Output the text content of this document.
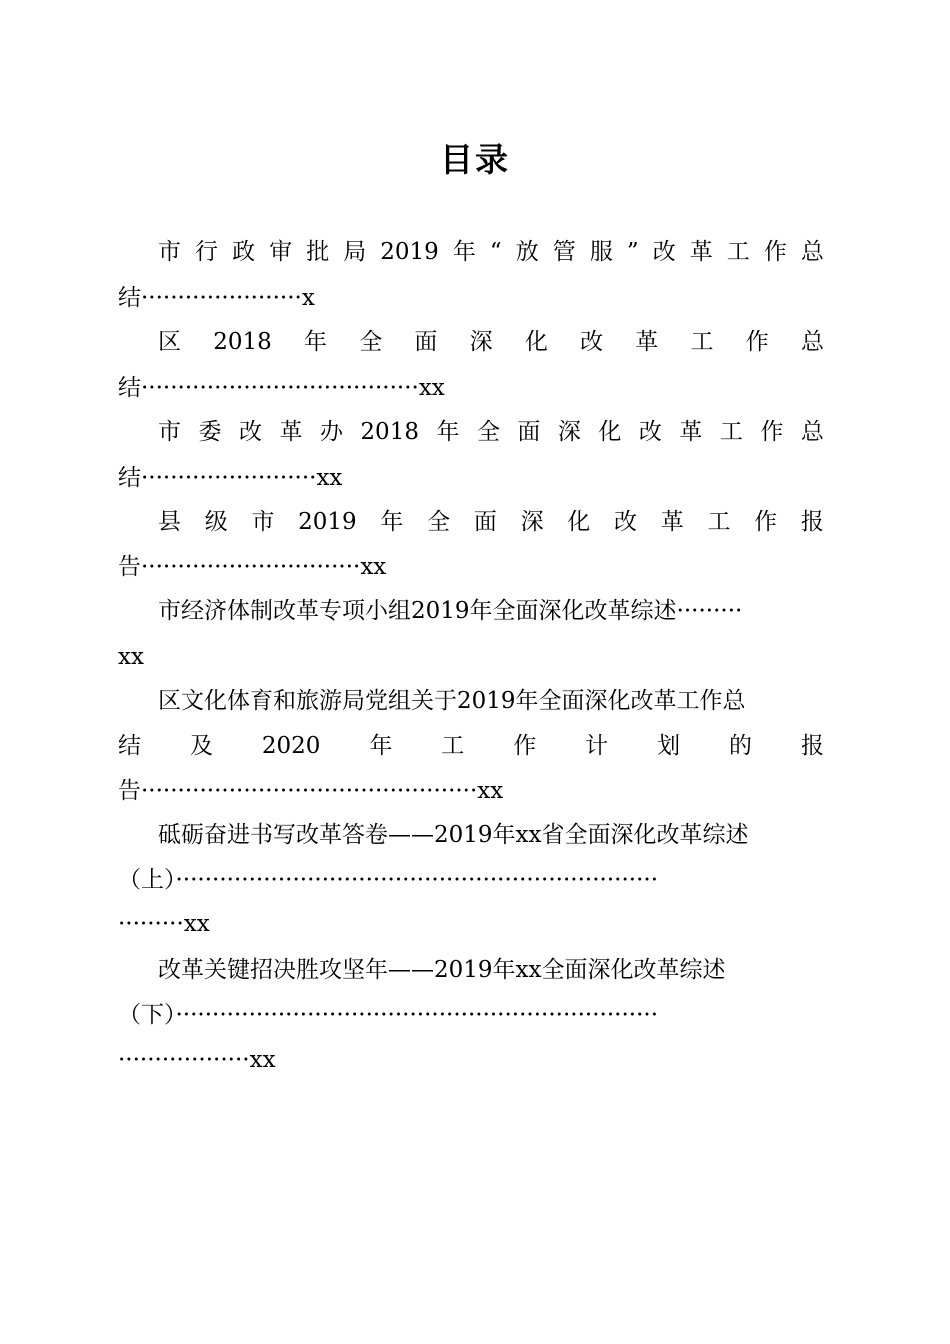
目录
市 行 政 审 批 局 2019 年 “ 放 管 服 ” 改 革 工 作 总
结······················x
区 2018 年 全 面 深 化 改 革 工 作 总
结······································xx
市 委 改 革 办 2018 年 全 面 深 化 改 革 工 作 总
结························xx
县 级 市 2019 年 全 面 深 化 改 革 工 作 报
告······························xx
市经济体制改革专项小组2019年全面深化改革综述·········
xx
区文化体育和旅游局党组关于2019年全面深化改革工作总
结 及 2020 年 工 作 计 划 的 报
告··············································xx
砥砺奋进书写改革答卷——2019年xx省全面深化改革综述
（上）··································································
·········xx
改革关键招决胜攻坚年——2019年xx全面深化改革综述
（下）··································································
··················xx
